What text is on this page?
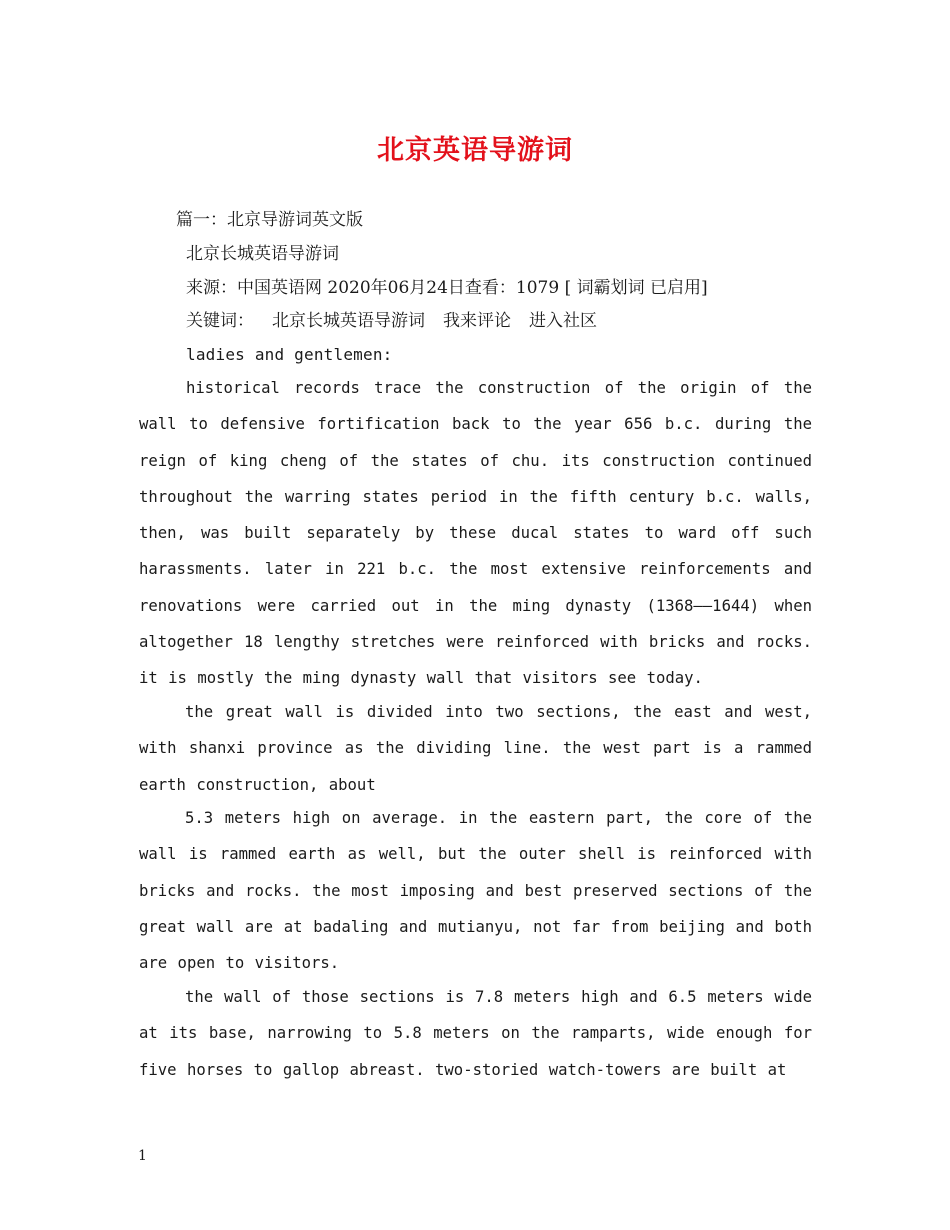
北京英语导游词

篇一：北京导游词英文版

北京长城英语导游词

来源：中国英语网 2020年06月24日查看：1079 [ 词霸划词 已启用]

关键词： 北京长城英语导游词 我来评论 进入社区

ladies and gentlemen:

historical records trace the construction of the origin of the wall to defensive fortification back to the year 656 b.c. during the reign of king cheng of the states of chu. its construction continued throughout the warring states period in the fifth century b.c. walls, then, was built separately by these ducal states to ward off such harassments. later in 221 b.c. the most extensive reinforcements and renovations were carried out in the ming dynasty (1368——1644) when altogether 18 lengthy stretches were reinforced with bricks and rocks. it is mostly the ming dynasty wall that visitors see today.

the great wall is divided into two sections, the east and west, with shanxi province as the dividing line. the west part is a rammed earth construction, about

5.3 meters high on average. in the eastern part, the core of the wall is rammed earth as well, but the outer shell is reinforced with bricks and rocks. the most imposing and best preserved sections of the great wall are at badaling and mutianyu, not far from beijing and both are open to visitors.

the wall of those sections is 7.8 meters high and 6.5 meters wide at its base, narrowing to 5.8 meters on the ramparts, wide enough for five horses to gallop abreast. two-storied watch-towers are built at

1
